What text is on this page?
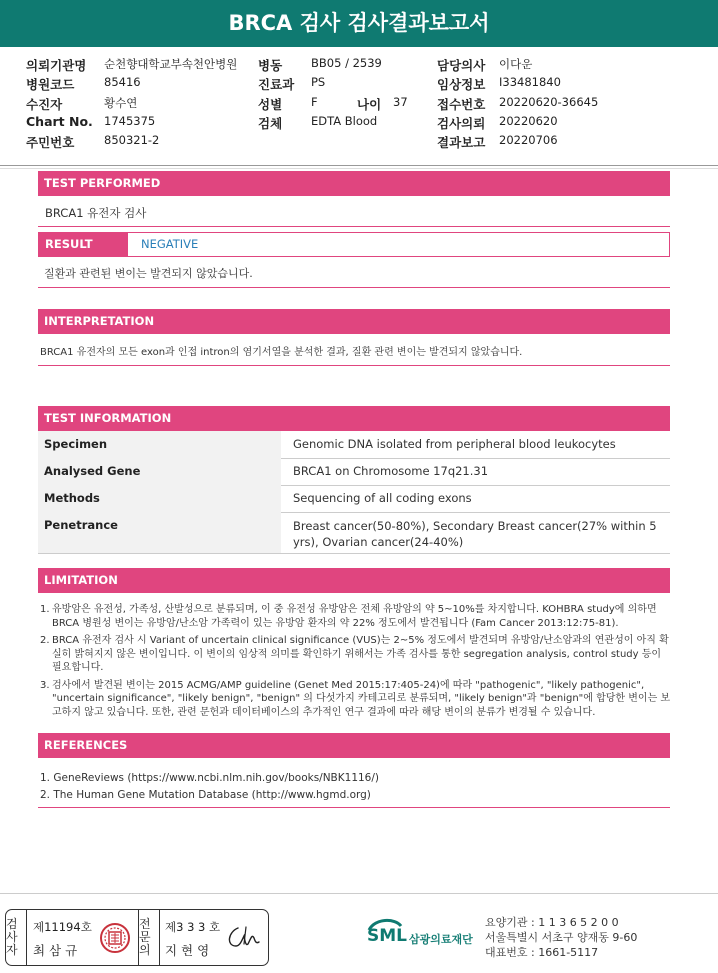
BRCA 검사 검사결과보고서
의뢰기관명 순천향대학교부속천안병원
병원코드	85416
수진자	황수연
Chart No. 1745375
주민번호	850321-2
병동	BB05 / 2539
진료과 PS
성별	F	나이 37
검체	EDTA Blood
담당의사 이다운
임상정보 I33481840
접수번호 20220620-36645
검사의뢰 20220620
결과보고 20220706
TEST PERFORMED
BRCA1 유전자 검사
RESULT	NEGATIVE
질환과 관련된 변이는 발견되지 않았습니다.
INTERPRETATION
BRCA1 유전자의 모든 exon과 인접 intron의 염기서열을 분석한 결과, 질환 관련 변이는 발견되지 않았습니다.
TEST INFORMATION
Specimen	Genomic DNA isolated from peripheral blood leukocytes
Analysed Gene	BRCA1 on Chromosome 17q21.31
Methods	Sequencing of all coding exons
Penetrance	Breast cancer(50-80%), Secondary Breast cancer(27% within 5 yrs), Ovarian cancer(24-40%)
LIMITATION
1. 유방암은 유전성, 가족성, 산발성으로 분류되며, 이 중 유전성 유방암은 전체 유방암의 약 5~10%를 차지합니다. KOHBRA study에 의하면 BRCA 병원성 변이는 유방암/난소암 가족력이 있는 유방암 환자의 약 22% 정도에서 발견됩니다 (Fam Cancer 2013:12:75-81).
2. BRCA 유전자 검사 시 Variant of uncertain clinical significance (VUS)는 2~5% 정도에서 발견되며 유방암/난소암과의 연관성이 아직 확실히 밝혀지지 않은 변이입니다. 이 변이의 임상적 의미를 확인하기 위해서는 가족 검사를 통한 segregation analysis, control study 등이 필요합니다.
3. 검사에서 발견된 변이는 2015 ACMG/AMP guideline (Genet Med 2015:17:405-24)에 따라 "pathogenic", "likely pathogenic", "uncertain significance", "likely benign", "benign" 의 다섯가지 카테고리로 분류되며, "likely benign"과 "benign"에 합당한 변이는 보고하지 않고 있습니다. 또한, 관련 문헌과 데이터베이스의 추가적인 연구 결과에 따라 해당 변이의 분류가 변경될 수 있습니다.
REFERENCES
1. GeneReviews (https://www.ncbi.nlm.nih.gov/books/NBK1116/)
2. The Human Gene Mutation Database (http://www.hgmd.org)
검사자
제11194호
최 삼 규
전문의
제3 3 3 호
지 현 영
SML 삼광의료재단
요양기관 : 1 1 3 6 5 2 0 0
서울특별시 서초구 양재동 9-60
대표번호 : 1661-5117
